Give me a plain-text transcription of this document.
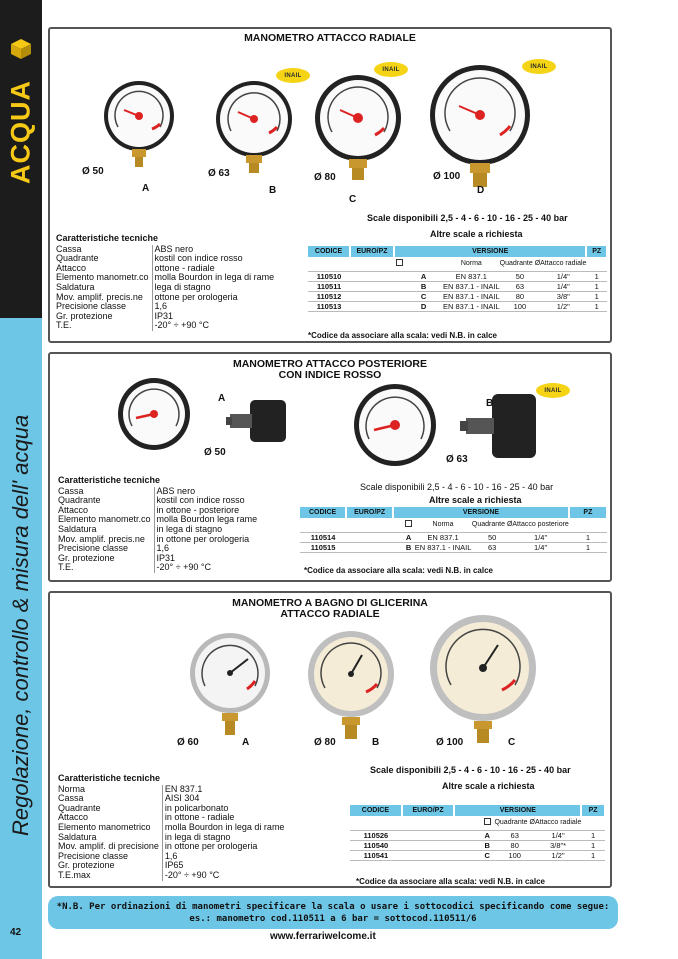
ACQUA
Regolazione, controllo & misura dell' acqua
42
MANOMETRO ATTACCO RADIALE
INAIL
INAIL	INAIL
Ø 50
A
Ø 63
B
Ø 80
C
Ø 100
D
Scale disponibili 2,5 - 4 - 6 - 10 - 16 - 25 - 40 bar
Altre scale a richiesta
Caratteristiche tecniche
Cassa	ABS nero
Quadrante	kostil con indice rosso
Attacco	ottone - radiale
Elemento manometr.co	molla Bourdon in lega di rame
Saldatura	lega di stagno
Mov. amplif. precis.ne	ottone per orologeria
Precisione classe	1,6
Gr. protezione	IP31
T.E.	-20° ÷ +90 °C
CODICE	EURO/PZ	VERSIONE					PZ
				Norma	Quadrante Ø	Attacco radiale	
110510			A	EN 837.1	50	1/4"	1
110511			B	EN 837.1 - INAIL	63	1/4"	1
110512			C	EN 837.1 - INAIL	80	3/8"	1
110513			D	EN 837.1 - INAIL	100	1/2"	1
*Codice da associare alla scala: vedi N.B. in calce
MANOMETRO ATTACCO POSTERIORE
CON INDICE ROSSO
INAIL
A
Ø 50
B
Ø 63
Scale disponibili 2,5 - 4 - 6 - 10 - 16 - 25 - 40 bar
Altre scale a richiesta
Caratteristiche tecniche
Cassa	ABS nero
Quadrante	kostil con indice rosso
Attacco	in ottone - posteriore
Elemento manometr.co	molla Bourdon lega rame
Saldatura	in lega di stagno
Mov. amplif. precis.ne	in ottone per orologeria
Precisione classe	1,6
Gr. protezione	IP31
T.E.	-20° ÷ +90 °C
CODICE	EURO/PZ	VERSIONE					PZ
				Norma	Quadrante Ø	Attacco posteriore	
110514			A	EN 837.1	50	1/4"	1
110515			B	EN 837.1 - INAIL	63	1/4"	1
*Codice da associare alla scala: vedi N.B. in calce
MANOMETRO A BAGNO DI GLICERINA
ATTACCO RADIALE
Ø 60	A	Ø 80	B	Ø 100	C
Scale disponibili 2,5 - 4 - 6 - 10 - 16 - 25 - 40 bar
Altre scale a richiesta
Caratteristiche tecniche
Norma	EN 837.1
Cassa	AISI 304
Quadrante	in policarbonato
Attacco	in ottone - radiale
Elemento manometrico	molla Bourdon in lega di rame
Saldatura	in lega di stagno
Mov. amplif. di precisione	in ottone per orologeria
Precisione classe	1,6
Gr. protezione	IP65
T.E.max	-20° ÷ +90 °C
CODICE	EURO/PZ	VERSIONE				PZ
				Quadrante Ø	Attacco radiale	
110526			A	63	1/4"	1
110540			B	80	3/8"*	1
110541			C	100	1/2"	1
*Codice da associare alla scala: vedi N.B. in calce
*N.B. Per ordinazioni di manometri specificare la scala o usare i sottocodici specificando come segue:
es.: manometro cod.110511 a 6 bar = sottocod.110511/6
www.ferrariwelcome.it
